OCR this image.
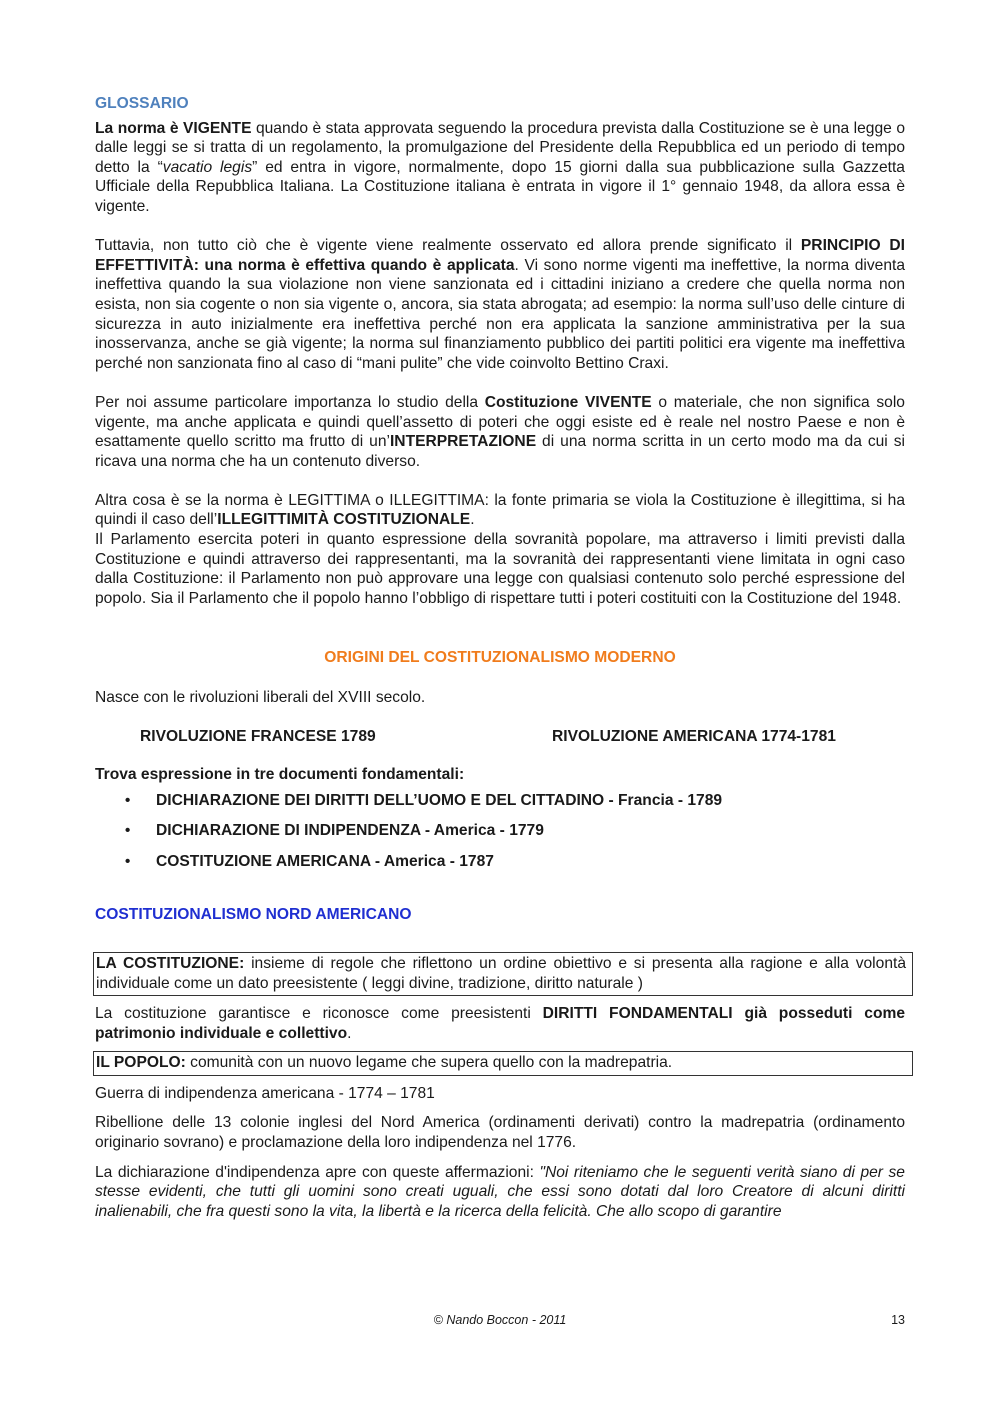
GLOSSARIO

La norma è VIGENTE quando è stata approvata seguendo la procedura prevista dalla Costituzione se è una legge o dalle leggi se si tratta di un regolamento, la promulgazione del Presidente della Repubblica ed un periodo di tempo detto la “vacatio legis” ed entra in vigore, normalmente, dopo 15 giorni dalla sua pubblicazione sulla Gazzetta Ufficiale della Repubblica Italiana. La Costituzione italiana è entrata in vigore il 1° gennaio 1948, da allora essa è vigente.

Tuttavia, non tutto ciò che è vigente viene realmente osservato ed allora prende significato il PRINCIPIO DI EFFETTIVITÀ: una norma è effettiva quando è applicata. Vi sono norme vigenti ma ineffettive, la norma diventa ineffettiva quando la sua violazione non viene sanzionata ed i cittadini iniziano a credere che quella norma non esista, non sia cogente o non sia vigente o, ancora, sia stata abrogata; ad esempio: la norma sull’uso delle cinture di sicurezza in auto inizialmente era ineffettiva perché non era applicata la sanzione amministrativa per la sua inosservanza, anche se già vigente; la norma sul finanziamento pubblico dei partiti politici era vigente ma ineffettiva perché non sanzionata fino al caso di “mani pulite” che vide coinvolto Bettino Craxi.

Per noi assume particolare importanza lo studio della Costituzione VIVENTE o materiale, che non significa solo vigente, ma anche applicata e quindi quell’assetto di poteri che oggi esiste ed è reale nel nostro Paese e non è esattamente quello scritto ma frutto di un’INTERPRETAZIONE di una norma scritta in un certo modo ma da cui si ricava una norma che ha un contenuto diverso.

Altra cosa è se la norma è LEGITTIMA o ILLEGITTIMA: la fonte primaria se viola la Costituzione è illegittima, si ha quindi il caso dell’ILLEGITTIMITÀ COSTITUZIONALE.

Il Parlamento esercita poteri in quanto espressione della sovranità popolare, ma attraverso i limiti previsti dalla Costituzione e quindi attraverso dei rappresentanti, ma la sovranità dei rappresentanti viene limitata in ogni caso dalla Costituzione: il Parlamento non può approvare una legge con qualsiasi contenuto solo perché espressione del popolo. Sia il Parlamento che il popolo hanno l’obbligo di rispettare tutti i poteri costituiti con la Costituzione del 1948.

ORIGINI DEL COSTITUZIONALISMO MODERNO

Nasce con le rivoluzioni liberali del XVIII secolo.

RIVOLUZIONE FRANCESE 1789	RIVOLUZIONE AMERICANA 1774-1781

Trova espressione in tre documenti fondamentali:

• DICHIARAZIONE DEI DIRITTI DELL’UOMO E DEL CITTADINO - Francia - 1789
• DICHIARAZIONE DI INDIPENDENZA - America - 1779
• COSTITUZIONE AMERICANA - America - 1787
COSTITUZIONALISMO NORD AMERICANO

LA COSTITUZIONE: insieme di regole che riflettono un ordine obiettivo e si presenta alla ragione e alla volontà individuale come un dato preesistente ( leggi divine, tradizione, diritto naturale )

La costituzione garantisce e riconosce come preesistenti DIRITTI FONDAMENTALI già posseduti come patrimonio individuale e collettivo.

IL POPOLO: comunità con un nuovo legame che supera quello con la madrepatria.

Guerra di indipendenza americana - 1774 – 1781

Ribellione delle 13 colonie inglesi del Nord America (ordinamenti derivati) contro la madrepatria (ordinamento originario sovrano) e proclamazione della loro indipendenza nel 1776.

La dichiarazione d'indipendenza apre con queste affermazioni: "Noi riteniamo che le seguenti verità siano di per se stesse evidenti, che tutti gli uomini sono creati uguali, che essi sono dotati dal loro Creatore di alcuni diritti inalienabili, che fra questi sono la vita, la libertà e la ricerca della felicità. Che allo scopo di garantire

© Nando Boccon - 2011	13
